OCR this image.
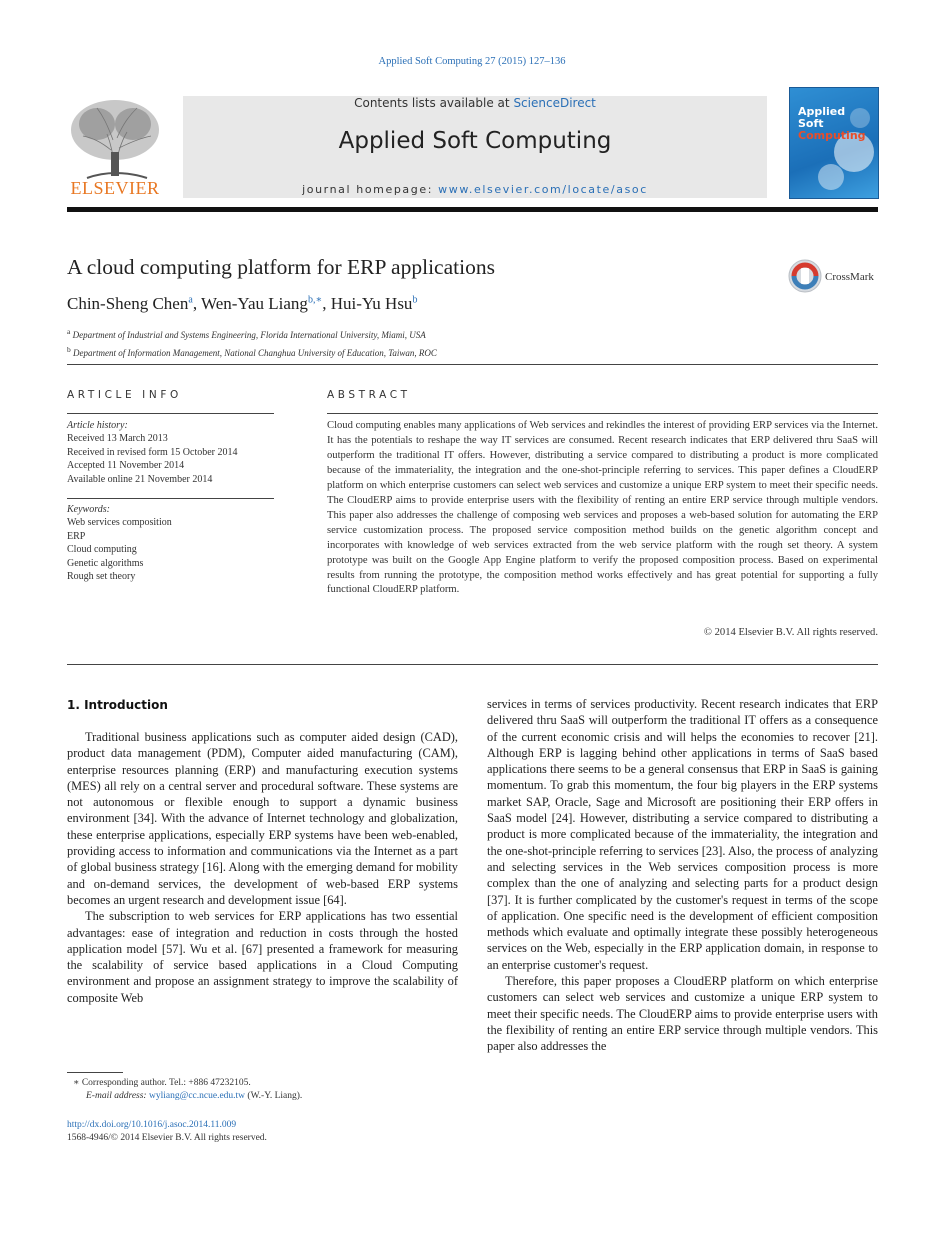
Applied Soft Computing 27 (2015) 127–136
ELSEVIER
Contents lists available at ScienceDirect
Applied Soft Computing
journal homepage: www.elsevier.com/locate/asoc
Applied
Soft
Computing
A cloud computing platform for ERP applications	CrossMark
Chin-Sheng Chen$^a$, Wen-Yau Liang$^{b,∗}$, Hui-Yu Hsu$^b$
$^a$ Department of Industrial and Systems Engineering, Florida International University, Miami, USA
$^b$ Department of Information Management, National Changhua University of Education, Taiwan, ROC
ARTICLE INFO	ABSTRACT
Article history:
Received 13 March 2013
Received in revised form 15 October 2014
Accepted 11 November 2014
Available online 21 November 2014
Keywords:
Web services composition
ERP
Cloud computing
Genetic algorithms
Rough set theory
Cloud computing enables many applications of Web services and rekindles the interest of providing ERP services via the Internet. It has the potentials to reshape the way IT services are consumed. Recent research indicates that ERP delivered thru SaaS will outperform the traditional IT offers. However, distributing a service compared to distributing a product is more complicated because of the immateriality, the integration and the one-shot-principle referring to services. This paper defines a CloudERP platform on which enterprise customers can select web services and customize a unique ERP system to meet their specific needs. The CloudERP aims to provide enterprise users with the flexibility of renting an entire ERP service through multiple vendors. This paper also addresses the challenge of composing web services and proposes a web-based solution for automating the ERP service customization process. The proposed service composition method builds on the genetic algorithm concept and incorporates with knowledge of web services extracted from the web service platform with the rough set theory. A system prototype was built on the Google App Engine platform to verify the proposed composition process. Based on experimental results from running the prototype, the composition method works effectively and has great potential for supporting a fully functional CloudERP platform.
© 2014 Elsevier B.V. All rights reserved.
1. Introduction

Traditional business applications such as computer aided design (CAD), product data management (PDM), Computer aided manufacturing (CAM), enterprise resources planning (ERP) and manufacturing execution systems (MES) all rely on a central server and procedural software. These systems are not autonomous or flexible enough to support a dynamic business environment [34]. With the advance of Internet technology and globalization, these enterprise applications, especially ERP systems have been web-enabled, providing access to information and communications via the Internet as a part of global business strategy [16]. Along with the emerging demand for mobility and on-demand services, the development of web-based ERP systems becomes an urgent research and development issue [64].

The subscription to web services for ERP applications has two essential advantages: ease of integration and reduction in costs through the hosted application model [57]. Wu et al. [67] presented a framework for measuring the scalability of service based applications in a Cloud Computing environment and propose an assignment strategy to improve the scalability of composite Web

services in terms of services productivity. Recent research indicates that ERP delivered thru SaaS will outperform the traditional IT offers as a consequence of the current economic crisis and will helps the economies to recover [21]. Although ERP is lagging behind other applications in terms of SaaS based applications there seems to be a general consensus that ERP in SaaS is gaining momentum. To grab this momentum, the four big players in the ERP systems market SAP, Oracle, Sage and Microsoft are positioning their ERP offers in SaaS model [24]. However, distributing a service compared to distributing a product is more complicated because of the immateriality, the integration and the one-shot-principle referring to services [23]. Also, the process of analyzing and selecting services in the Web services composition process is more complex than the one of analyzing and selecting parts for a product design [37]. It is further complicated by the customer's request in terms of the scope of application. One specific need is the development of efficient composition methods which evaluate and optimally integrate these possibly heterogeneous services on the Web, especially in the ERP application domain, in response to an enterprise customer's request.

Therefore, this paper proposes a CloudERP platform on which enterprise customers can select web services and customize a unique ERP system to meet their specific needs. The CloudERP aims to provide enterprise users with the flexibility of renting an entire ERP service through multiple vendors. This paper also addresses the

∗ Corresponding author. Tel.: +886 47232105.
E-mail address: wyliang@cc.ncue.edu.tw (W.-Y. Liang).
http://dx.doi.org/10.1016/j.asoc.2014.11.009
1568-4946/© 2014 Elsevier B.V. All rights reserved.
